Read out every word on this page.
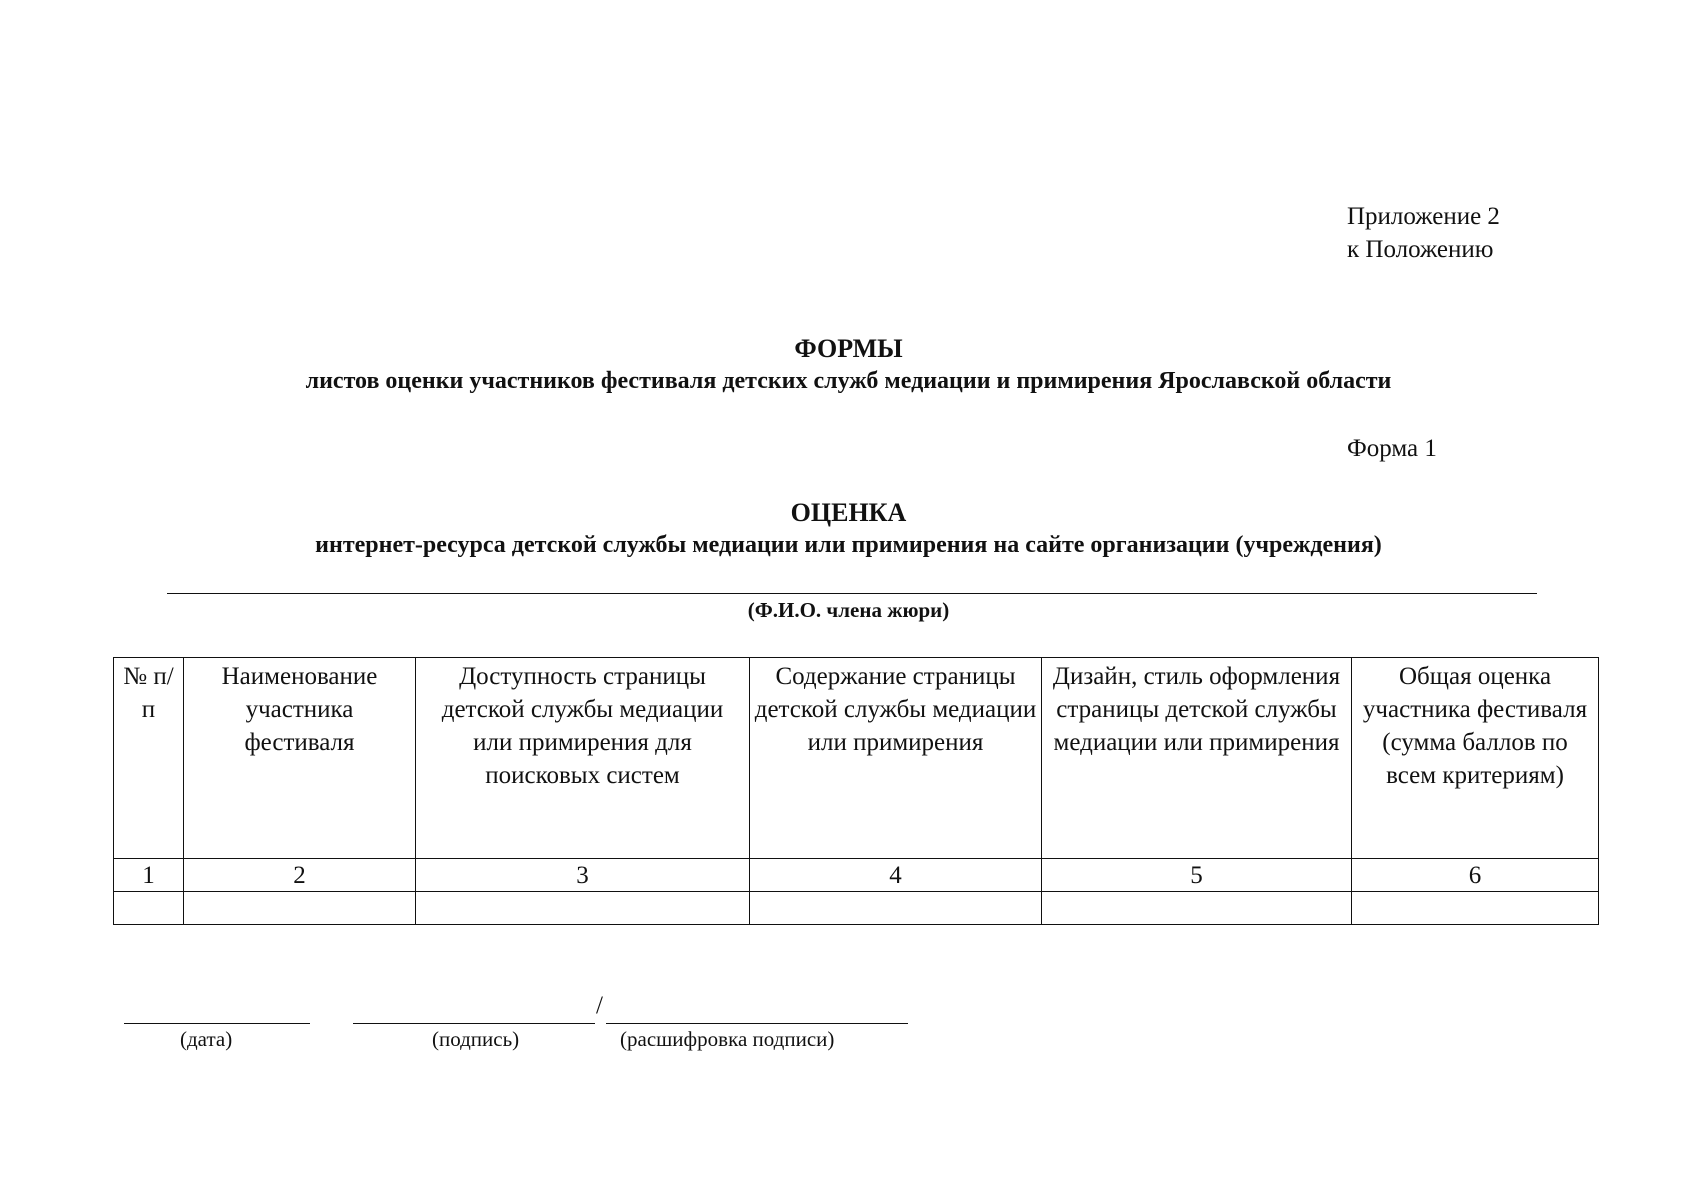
Приложение 2
к Положению
ФОРМЫ
листов оценки участников фестиваля детских служб медиации и примирения Ярославской области
Форма 1
ОЦЕНКА
интернет-ресурса детской службы медиации или примирения на сайте организации (учреждения)
(Ф.И.О. члена жюри)
№ п/п	Наименование участника фестиваля	Доступность страницы детской службы медиации или примирения для поисковых систем	Содержание страницы детской службы медиации или примирения	Дизайн, стиль оформления страницы детской службы медиации или примирения	Общая оценка участника фестиваля (сумма баллов по всем критериям)
1	2	3	4	5	6

/
(дата)	(подпись)	(расшифровка подписи)
